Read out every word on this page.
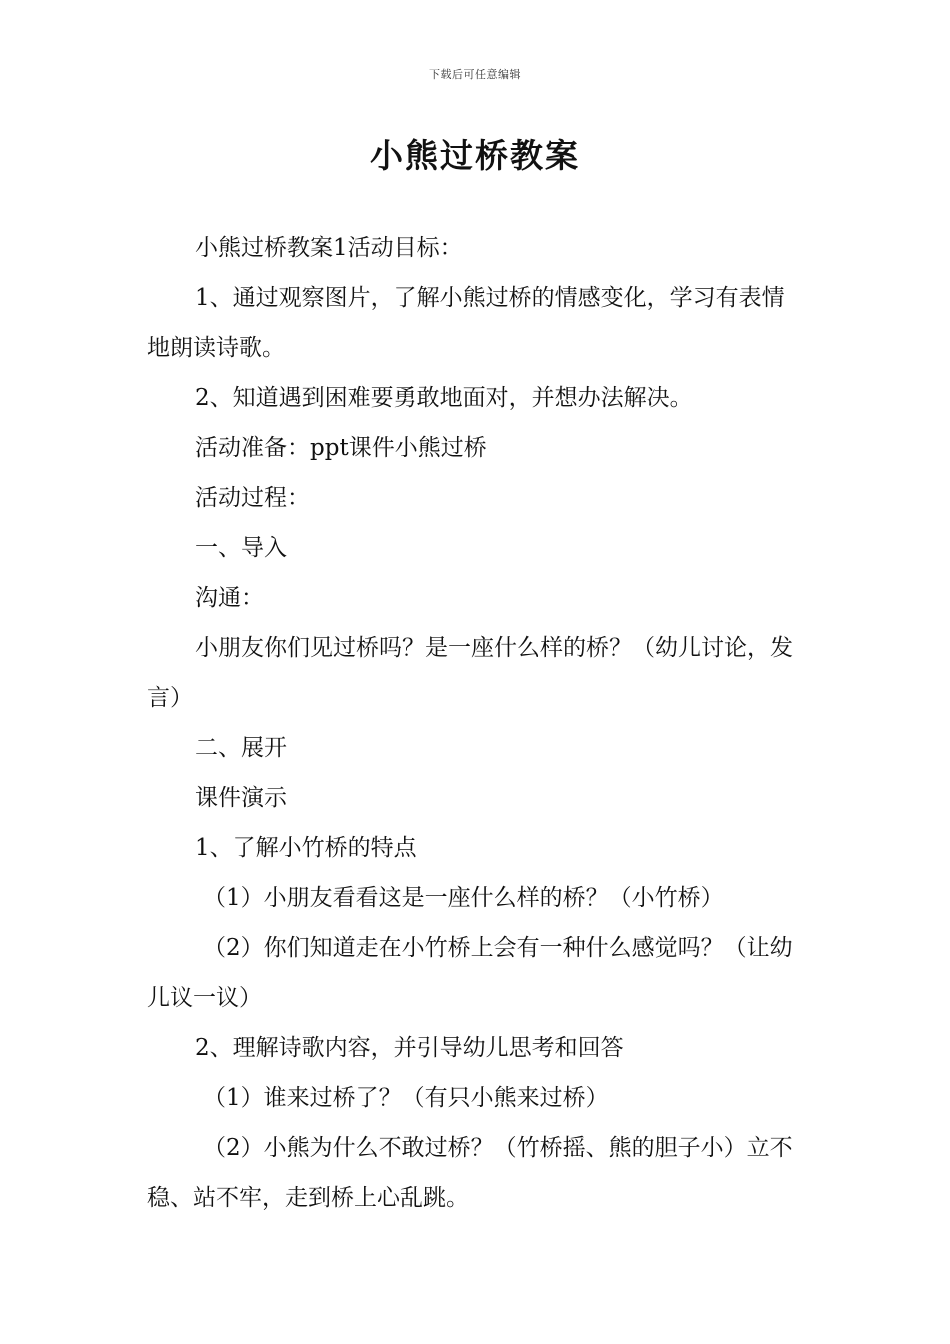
下载后可任意编辑
小熊过桥教案

小熊过桥教案1活动目标：

1、通过观察图片，了解小熊过桥的情感变化，学习有表情地朗读诗歌。

2、知道遇到困难要勇敢地面对，并想办法解决。

活动准备：ppt课件小熊过桥

活动过程：

一、导入

沟通：

小朋友你们见过桥吗？是一座什么样的桥？（幼儿讨论，发言）

二、展开

课件演示

1、了解小竹桥的特点

（1）小朋友看看这是一座什么样的桥？（小竹桥）

（2）你们知道走在小竹桥上会有一种什么感觉吗？（让幼儿议一议）

2、理解诗歌内容，并引导幼儿思考和回答

（1）谁来过桥了？（有只小熊来过桥）

（2）小熊为什么不敢过桥？（竹桥摇、熊的胆子小）立不稳、站不牢，走到桥上心乱跳。
